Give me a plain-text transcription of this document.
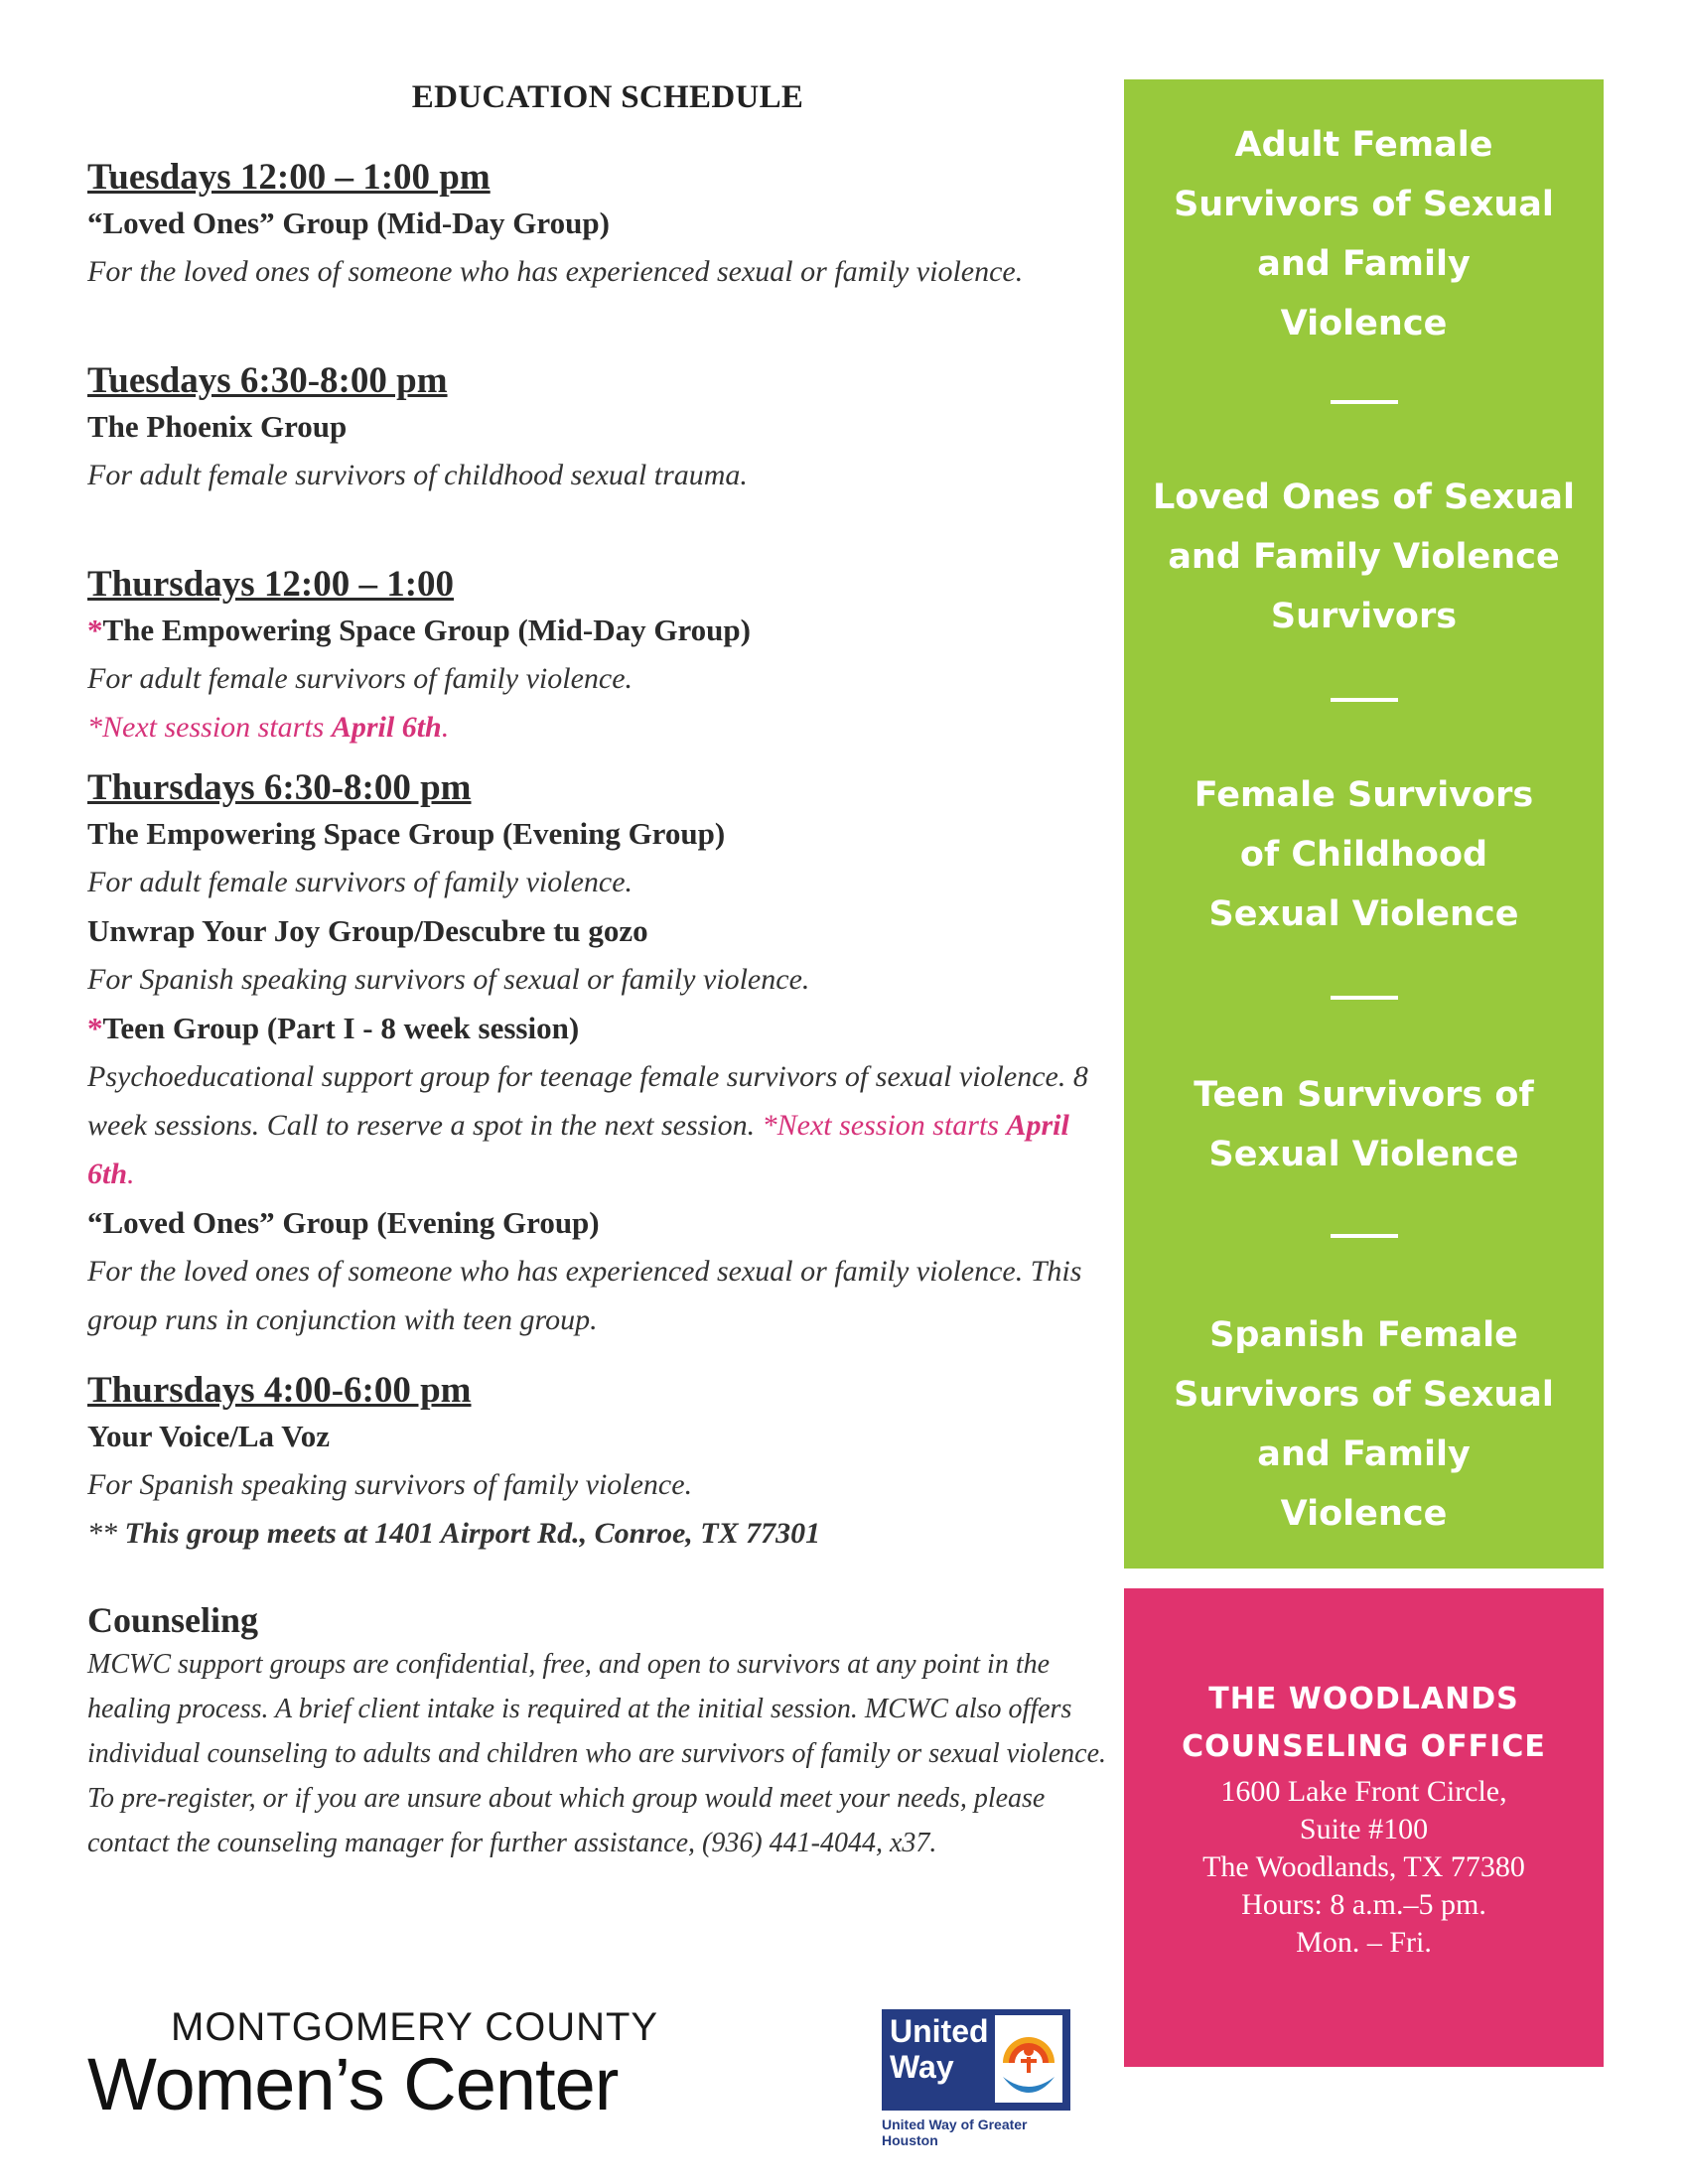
EDUCATION SCHEDULE
Tuesdays 12:00 – 1:00 pm
“Loved Ones” Group (Mid-Day Group)
For the loved ones of someone who has experienced sexual or family violence.
Tuesdays 6:30-8:00 pm
The Phoenix Group
For adult female survivors of childhood sexual trauma.
Thursdays 12:00 – 1:00
*The Empowering Space Group (Mid-Day Group)
For adult female survivors of family violence.
*Next session starts April 6th.
Thursdays 6:30-8:00 pm
The Empowering Space Group (Evening Group)
For adult female survivors of family violence.
Unwrap Your Joy Group/Descubre tu gozo
For Spanish speaking survivors of sexual or family violence.
*Teen Group (Part I - 8 week session)
Psychoeducational support group for teenage female survivors of sexual violence. 8 week sessions. Call to reserve a spot in the next session. *Next session starts April 6th.
“Loved Ones” Group (Evening Group)
For the loved ones of someone who has experienced sexual or family violence. This group runs in conjunction with teen group.
Thursdays 4:00-6:00 pm
Your Voice/La Voz
For Spanish speaking survivors of family violence.
** This group meets at 1401 Airport Rd., Conroe, TX 77301
Counseling
MCWC support groups are confidential, free, and open to survivors at any point in the healing process. A brief client intake is required at the initial session. MCWC also offers individual counseling to adults and children who are survivors of family or sexual violence.
To pre-register, or if you are unsure about which group would meet your needs, please contact the counseling manager for further assistance, (936) 441-4044, x37.
Adult Female Survivors of Sexual and Family Violence
Loved Ones of Sexual and Family Violence Survivors
Female Survivors of Childhood Sexual Violence
Teen Survivors of Sexual Violence
Spanish Female Survivors of Sexual and Family Violence
THE WOODLANDS
COUNSELING OFFICE
1600 Lake Front Circle,
Suite #100
The Woodlands, TX 77380
Hours: 8 a.m.–5 pm.
Mon. – Fri.
MONTGOMERY COUNTY
Women’s Center
United
Way
United Way of Greater Houston
